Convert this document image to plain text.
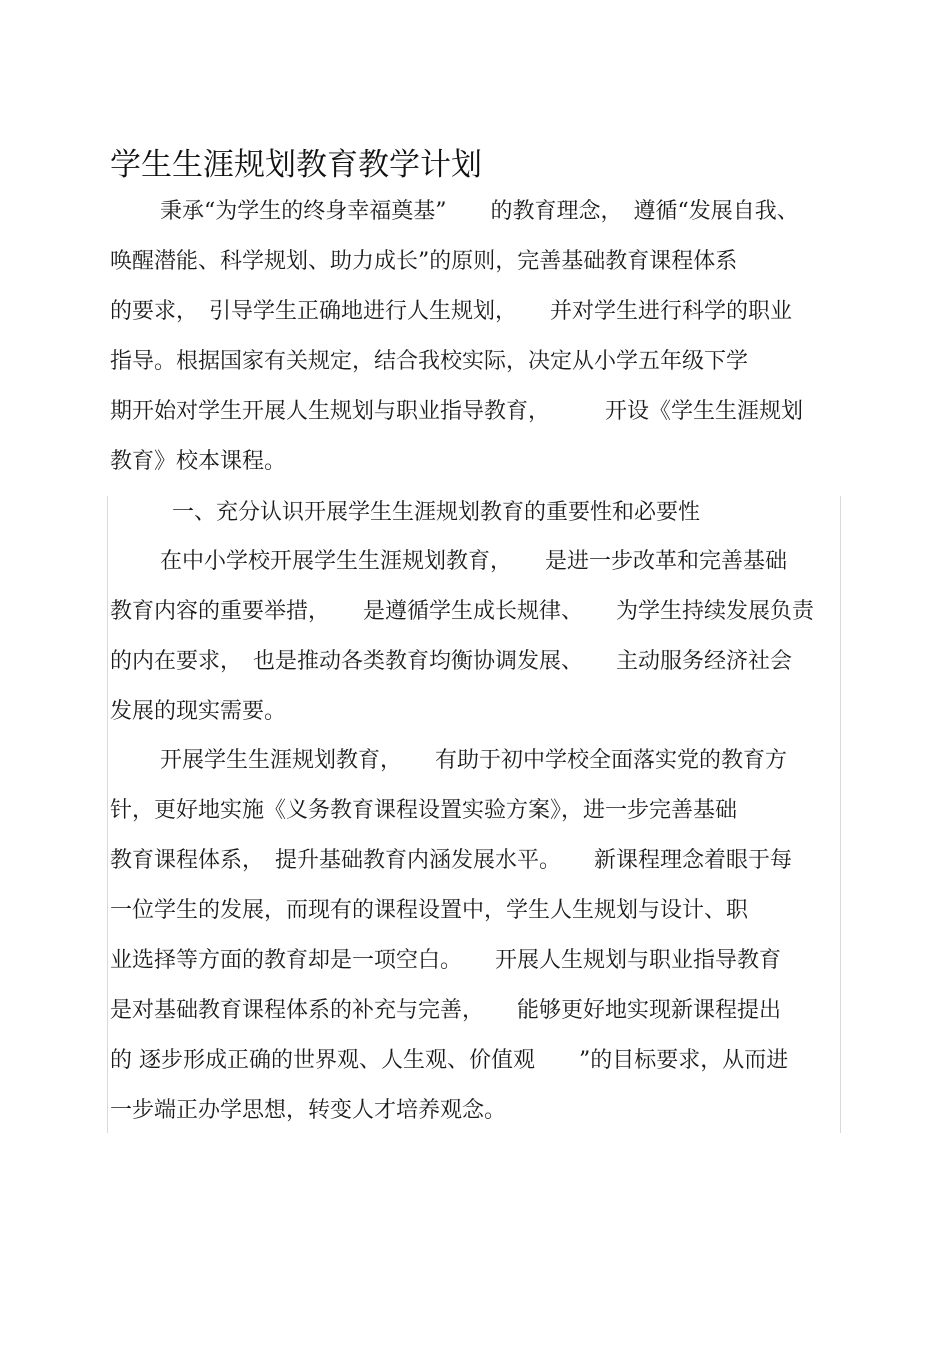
学生生涯规划教育教学计划

秉承“为学生的终身幸福奠基”　　的教育理念，　遵循“发展自我、

唤醒潜能、科学规划、助力成长”的原则，完善基础教育课程体系

的要求，　引导学生正确地进行人生规划，　　并对学生进行科学的职业

指导。根据国家有关规定，结合我校实际，决定从小学五年级下学

期开始对学生开展人生规划与职业指导教育，　　　开设《学生生涯规划

教育》校本课程。

一、充分认识开展学生生涯规划教育的重要性和必要性

在中小学校开展学生生涯规划教育，　　是进一步改革和完善基础

教育内容的重要举措，　　是遵循学生成长规律、　　为学生持续发展负责

的内在要求，　也是推动各类教育均衡协调发展、　　主动服务经济社会

发展的现实需要。

开展学生生涯规划教育，　　有助于初中学校全面落实党的教育方

针，更好地实施《义务教育课程设置实验方案》，进一步完善基础

教育课程体系，　提升基础教育内涵发展水平。　　新课程理念着眼于每

一位学生的发展，而现有的课程设置中，学生人生规划与设计、职

业选择等方面的教育却是一项空白。　　开展人生规划与职业指导教育

是对基础教育课程体系的补充与完善，　　能够更好地实现新课程提出

的 逐步形成正确的世界观、人生观、价值观　　”的目标要求，从而进

一步端正办学思想，转变人才培养观念。
